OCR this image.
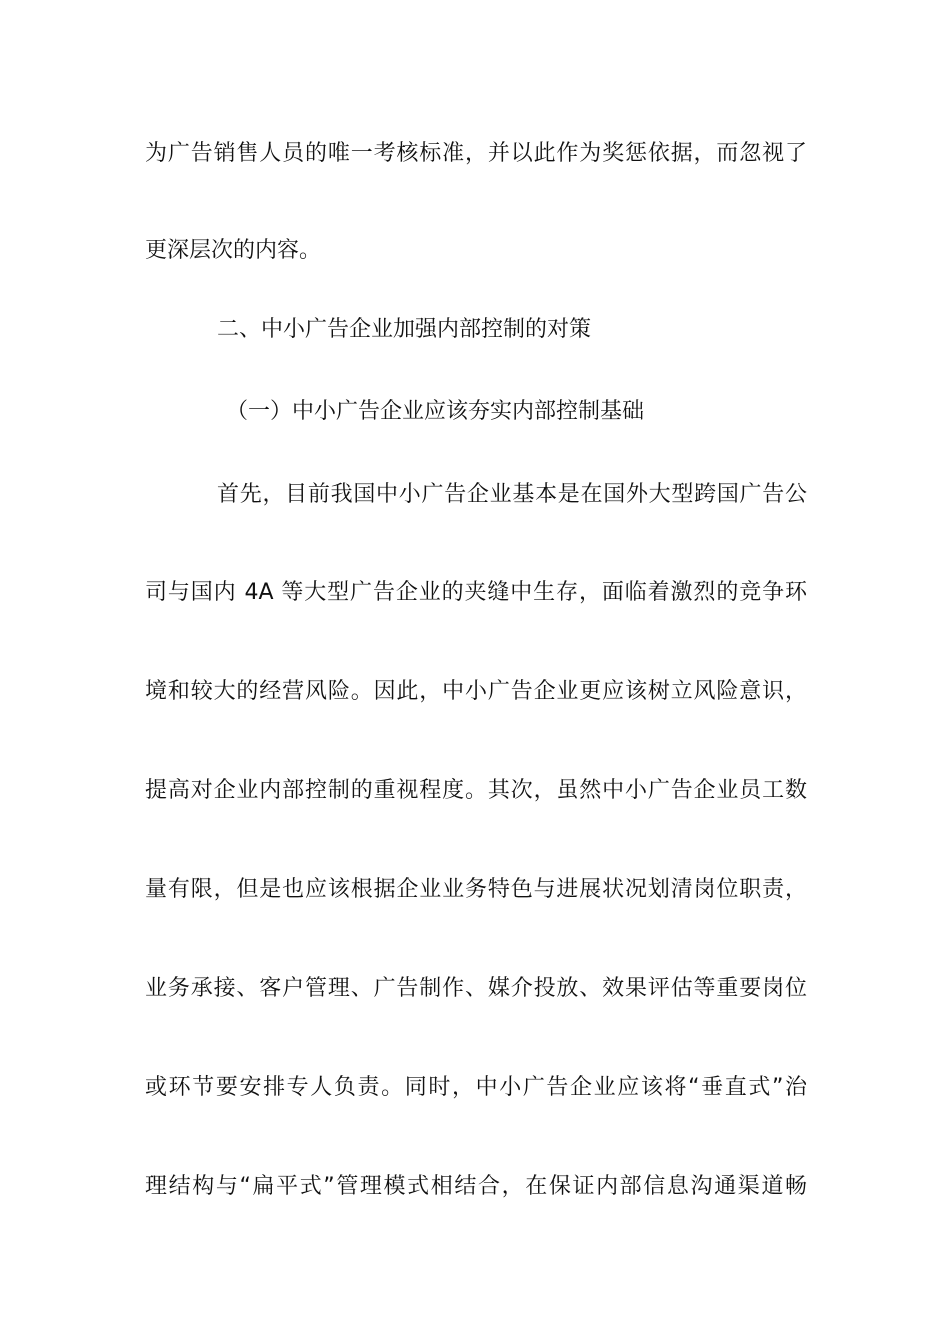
为广告销售人员的唯一考核标准，并以此作为奖惩依据，而忽视了
更深层次的内容。
二、中小广告企业加强内部控制的对策
（一）中小广告企业应该夯实内部控制基础
首先，目前我国中小广告企业基本是在国外大型跨国广告公
司与国内 4A 等大型广告企业的夹缝中生存，面临着激烈的竞争环
境和较大的经营风险。因此，中小广告企业更应该树立风险意识，
提高对企业内部控制的重视程度。其次，虽然中小广告企业员工数
量有限，但是也应该根据企业业务特色与进展状况划清岗位职责，
业务承接、客户管理、广告制作、媒介投放、效果评估等重要岗位
或环节要安排专人负责。同时，中小广告企业应该将“垂直式”治
理结构与“扁平式”管理模式相结合，在保证内部信息沟通渠道畅
